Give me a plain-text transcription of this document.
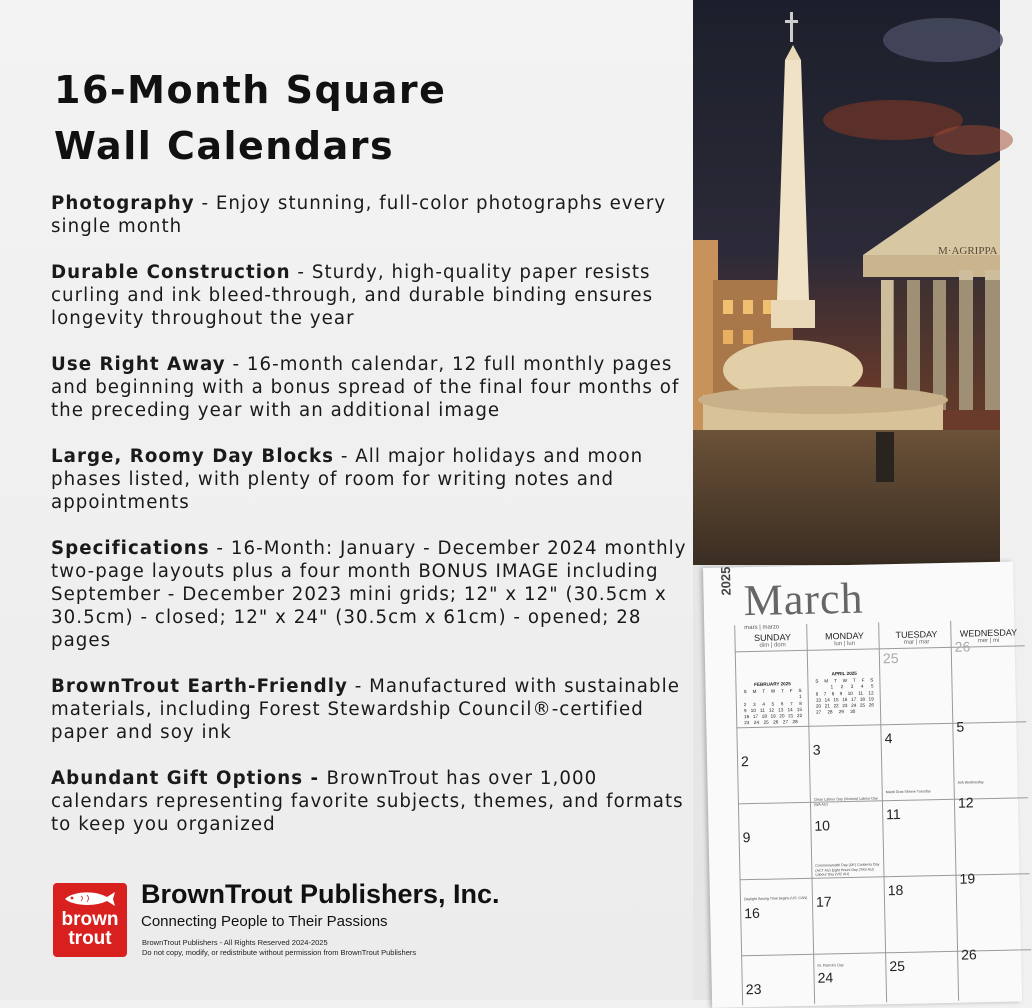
16-Month Square
Wall Calendars

Photography - Enjoy stunning, full-color photographs every single month

Durable Construction - Sturdy, high-quality paper resists curling and ink bleed-through, and durable binding ensures longevity throughout the year

Use Right Away - 16-month calendar, 12 full monthly pages and beginning with a bonus spread of the final four months of the preceding year with an additional image

Large, Roomy Day Blocks - All major holidays and moon phases listed, with plenty of room for writing notes and appointments

Specifications - 16-Month: January - December 2024 monthly two-page layouts plus a four month BONUS IMAGE including September - December 2023 mini grids; 12" x 12" (30.5cm x 30.5cm) - closed; 12" x 24" (30.5cm x 61cm) - opened; 28 pages

BrownTrout Earth-Friendly - Manufactured with sustainable materials, including Forest Stewardship Council®-certified paper and soy ink

Abundant Gift Options - BrownTrout has over 1,000 calendars representing favorite subjects, themes, and formats to keep you organized

brown
trout
BrownTrout Publishers, Inc.
Connecting People to Their Passions
BrownTrout Publishers - All Rights Reserved 2024-2025
Do not copy, modify, or redistribute without permission from BrownTrout Publishers
M·AGRIPPA
2025 March
mars | marzo
SUNDAY
dim | dom
MONDAY
lun | lun
TUESDAY
mar | mar
WEDNESDAY
mer | mi
FEBRUARY 2025
S M T W T F S
1
2 3 4 5 6 7 8
9 10 11 12 13 14 15
16 17 18 19 20 21 22
23 24 25 26 27 28
APRIL 2025
S M T W T F S
1 2 3 4 5
6 7 8 9 10 11 12
13 14 15 16 17 18 19
20 21 22 23 24 25 26
27 28 29 30
25
26
2
3
4
5
9
10
11
12
16
17
18
19
23
24
25
26
Clean Labour Day (Victoria) Labour Day (WA AU)
Mardi Gras Shrove Tuesday
Ash Wednesday
Commonwealth Day (UK) Canberra Day (ACT AU) Eight Hours Day (TAS AU) Labour Day (VIC AU)
Daylight Saving Time begins (US, CAN)
St. Patrick's Day
